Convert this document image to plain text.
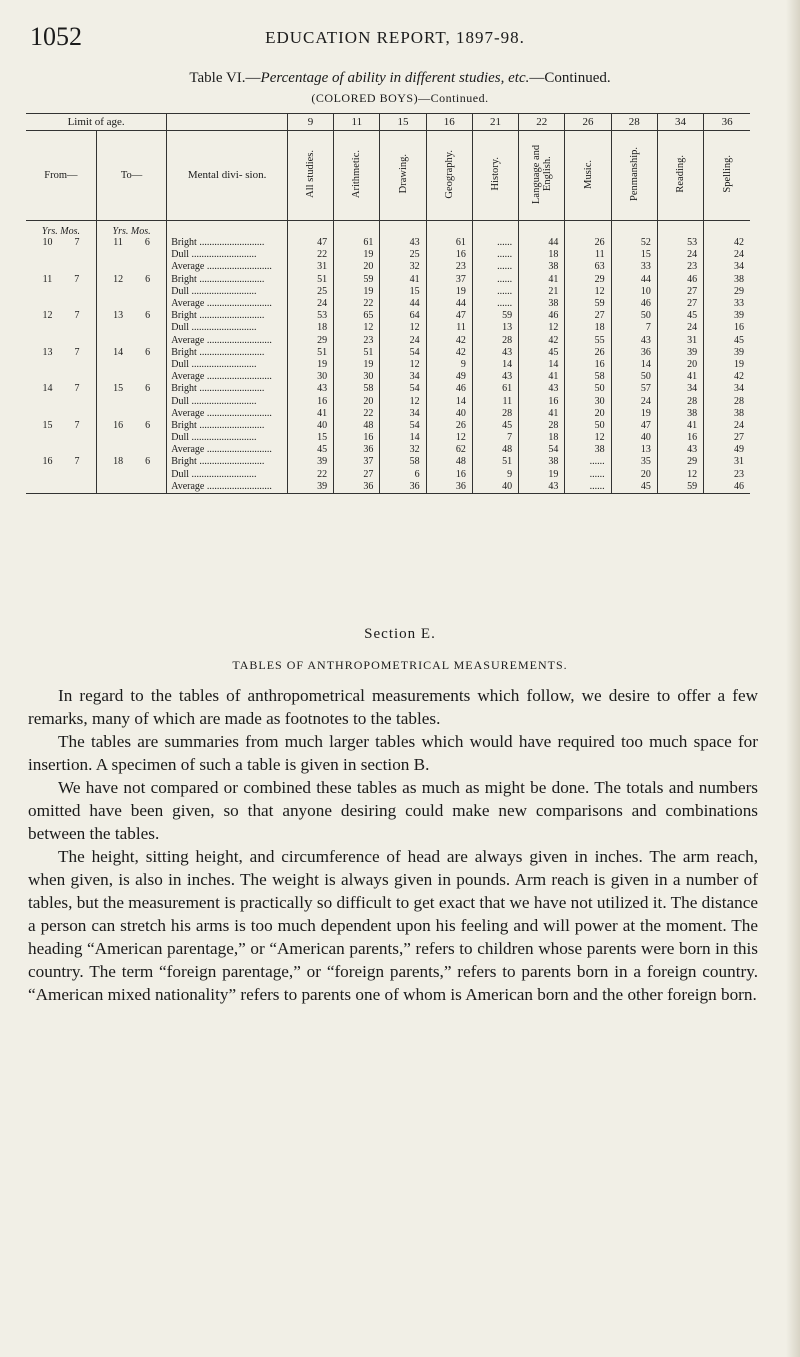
1052	EDUCATION REPORT, 1897-98.
Table VI.—Percentage of ability in different studies, etc.—Continued.
(COLORED BOYS)—Continued.
Limit of age.			9	11	15	16	21	22	26	28	34	36
From—	To—	Mental divi- sion.	All studies.	Arithmetic.	Drawing.	Geography.	History.	Language and English.	Music.	Penmanship.	Reading.	Spelling.
Yrs. Mos.	Yrs. Mos.											
10 7	11 6	Bright ..........................	47	61	43	61	......	44	26	52	53	42
		Dull ..........................	22	19	25	16	......	18	11	15	24	24
		Average ..........................	31	20	32	23	......	38	63	33	23	34
11 7	12 6	Bright ..........................	51	59	41	37	......	41	29	44	46	38
		Dull ..........................	25	19	15	19	......	21	12	10	27	29
		Average ..........................	24	22	44	44	......	38	59	46	27	33
12 7	13 6	Bright ..........................	53	65	64	47	59	46	27	50	45	39
		Dull ..........................	18	12	12	11	13	12	18	7	24	16
		Average ..........................	29	23	24	42	28	42	55	43	31	45
13 7	14 6	Bright ..........................	51	51	54	42	43	45	26	36	39	39
		Dull ..........................	19	19	12	9	14	14	16	14	20	19
		Average ..........................	30	30	34	49	43	41	58	50	41	42
14 7	15 6	Bright ..........................	43	58	54	46	61	43	50	57	34	34
		Dull ..........................	16	20	12	14	11	16	30	24	28	28
		Average ..........................	41	22	34	40	28	41	20	19	38	38
15 7	16 6	Bright ..........................	40	48	54	26	45	28	50	47	41	24
		Dull ..........................	15	16	14	12	7	18	12	40	16	27
		Average ..........................	45	36	32	62	48	54	38	13	43	49
16 7	18 6	Bright ..........................	39	37	58	48	51	38	......	35	29	31
		Dull ..........................	22	27	6	16	9	19	......	20	12	23
		Average ..........................	39	36	36	36	40	43	......	45	59	46
Section E.
TABLES OF ANTHROPOMETRICAL MEASUREMENTS.

In regard to the tables of anthropometrical measurements which follow, we desire to offer a few remarks, many of which are made as footnotes to the tables.

The tables are summaries from much larger tables which would have required too much space for insertion. A specimen of such a table is given in section B.

We have not compared or combined these tables as much as might be done. The totals and numbers omitted have been given, so that anyone desiring could make new comparisons and combinations between the tables.

The height, sitting height, and circumference of head are always given in inches. The arm reach, when given, is also in inches. The weight is always given in pounds. Arm reach is given in a number of tables, but the measurement is practically so difficult to get exact that we have not utilized it. The distance a person can stretch his arms is too much dependent upon his feeling and will power at the moment. The heading “American parentage,” or “American parents,” refers to children whose parents were born in this country. The term “foreign parentage,” or “foreign parents,” refers to parents born in a foreign country. “American mixed nationality” refers to parents one of whom is American born and the other foreign born.
